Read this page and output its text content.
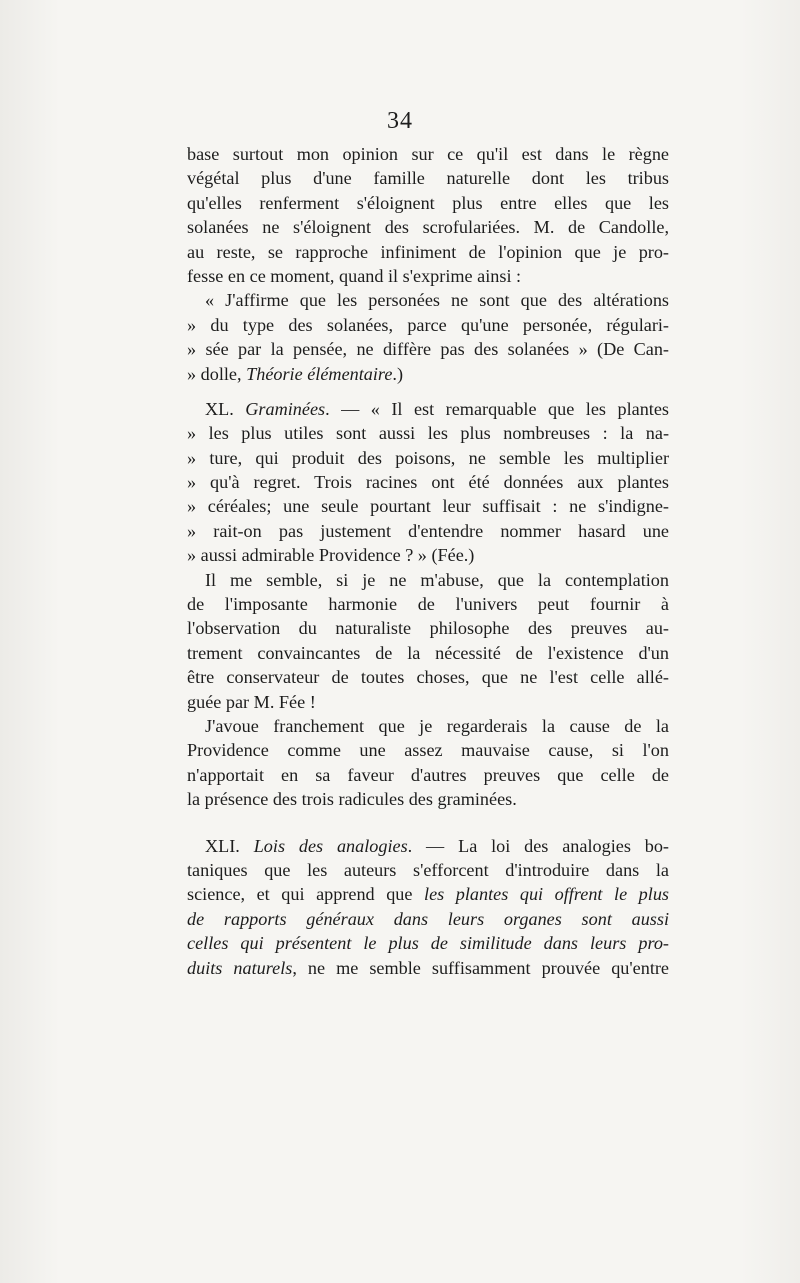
34
base surtout mon opinion sur ce qu'il est dans le règne
végétal plus d'une famille naturelle dont les tribus
qu'elles renferment s'éloignent plus entre elles que les
solanées ne s'éloignent des scrofulariées. M. de Candolle,
au reste, se rapproche infiniment de l'opinion que je pro-
fesse en ce moment, quand il s'exprime ainsi :
« J'affirme que les personées ne sont que des altérations
» du type des solanées, parce qu'une personée, régulari-
» sée par la pensée, ne diffère pas des solanées » (De Can-
» dolle, Théorie élémentaire.)
XL. Graminées. — « Il est remarquable que les plantes
» les plus utiles sont aussi les plus nombreuses : la na-
» ture, qui produit des poisons, ne semble les multiplier
» qu'à regret. Trois racines ont été données aux plantes
» céréales; une seule pourtant leur suffisait : ne s'indigne-
» rait-on pas justement d'entendre nommer hasard une
» aussi admirable Providence ? » (Fée.)
Il me semble, si je ne m'abuse, que la contemplation
de l'imposante harmonie de l'univers peut fournir à
l'observation du naturaliste philosophe des preuves au-
trement convaincantes de la nécessité de l'existence d'un
être conservateur de toutes choses, que ne l'est celle allé-
guée par M. Fée !
J'avoue franchement que je regarderais la cause de la
Providence comme une assez mauvaise cause, si l'on
n'apportait en sa faveur d'autres preuves que celle de
la présence des trois radicules des graminées.
XLI. Lois des analogies. — La loi des analogies bo-
taniques que les auteurs s'efforcent d'introduire dans la
science, et qui apprend que les plantes qui offrent le plus
de rapports généraux dans leurs organes sont aussi
celles qui présentent le plus de similitude dans leurs pro-
duits naturels, ne me semble suffisamment prouvée qu'entre
